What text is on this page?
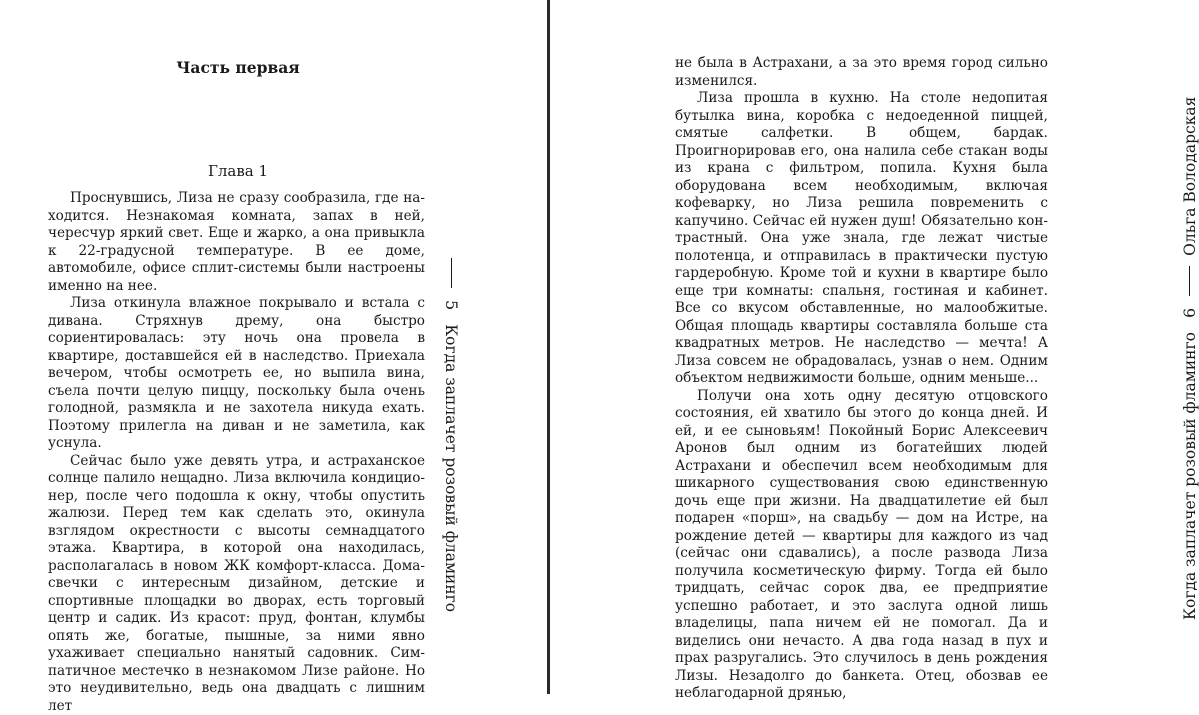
Часть первая
Глава 1

Проснувшись, Лиза не сразу сообразила, где находится. Незнакомая комната, запах в ней, чересчур яркий свет. Еще и жарко, а она привыкла к 22-градусной температуре. В ее доме, автомобиле, офисе сплит-системы были настроены именно на нее.

Лиза откинула влажное покрывало и встала с дивана. Стряхнув дрему, она быстро сориентировалась: эту ночь она провела в квартире, доставшейся ей в наследство. Приехала вечером, чтобы осмотреть ее, но выпила вина, съела почти целую пиццу, поскольку была очень голодной, размякла и не захотела никуда ехать. Поэтому прилегла на диван и не заметила, как уснула.

Сейчас было уже девять утра, и астраханское солнце палило нещадно. Лиза включила кондиционер, после чего подошла к окну, чтобы опустить жалюзи. Перед тем как сделать это, окинула взглядом окрестности с высоты семнадцатого этажа. Квартира, в которой она находилась, располагалась в новом ЖК комфорт-класса. Дома-свечки с интересным дизайном, детские и спортивные площадки во дворах, есть торговый центр и садик. Из красот: пруд, фонтан, клумбы опять же, богатые, пышные, за ними явно ухаживает специально нанятый садовник. Симпатичное местечко в незнакомом Лизе районе. Но это неудивительно, ведь она двадцать с лишним лет

5
Когда заплачет розовый фламинго	Когда заплачет розовый фламинго
6
Ольга Володарская

не была в Астрахани, а за это время город сильно изменился.

Лиза прошла в кухню. На столе недопитая бутылка вина, коробка с недоеденной пиццей, смятые салфетки. В общем, бардак. Проигнорировав его, она налила себе стакан воды из крана с фильтром, попила. Кухня была оборудована всем необходимым, включая кофеварку, но Лиза решила повременить с капучино. Сейчас ей нужен душ! Обязательно контрастный. Она уже знала, где лежат чистые полотенца, и отправилась в практически пустую гардеробную. Кроме той и кухни в квартире было еще три комнаты: спальня, гостиная и кабинет. Все со вкусом обставленные, но малообжитые. Общая площадь квартиры составляла больше ста квадратных метров. Не наследство — мечта! А Лиза совсем не обрадовалась, узнав о нем. Одним объектом недвижимости больше, одним меньше...

Получи она хоть одну десятую отцовского состояния, ей хватило бы этого до конца дней. И ей, и ее сыновьям! Покойный Борис Алексеевич Аронов был одним из богатейших людей Астрахани и обеспечил всем необходимым для шикарного существования свою единственную дочь еще при жизни. На двадцатилетие ей был подарен «порш», на свадьбу — дом на Истре, на рождение детей — квартиры для каждого из чад (сейчас они сдавались), а после развода Лиза получила косметическую фирму. Тогда ей было тридцать, сейчас сорок два, ее предприятие успешно работает, и это заслуга одной лишь владелицы, папа ничем ей не помогал. Да и виделись они нечасто. А два года назад в пух и прах разругались. Это случилось в день рождения Лизы. Незадолго до банкета. Отец, обозвав ее неблагодарной дрянью,
